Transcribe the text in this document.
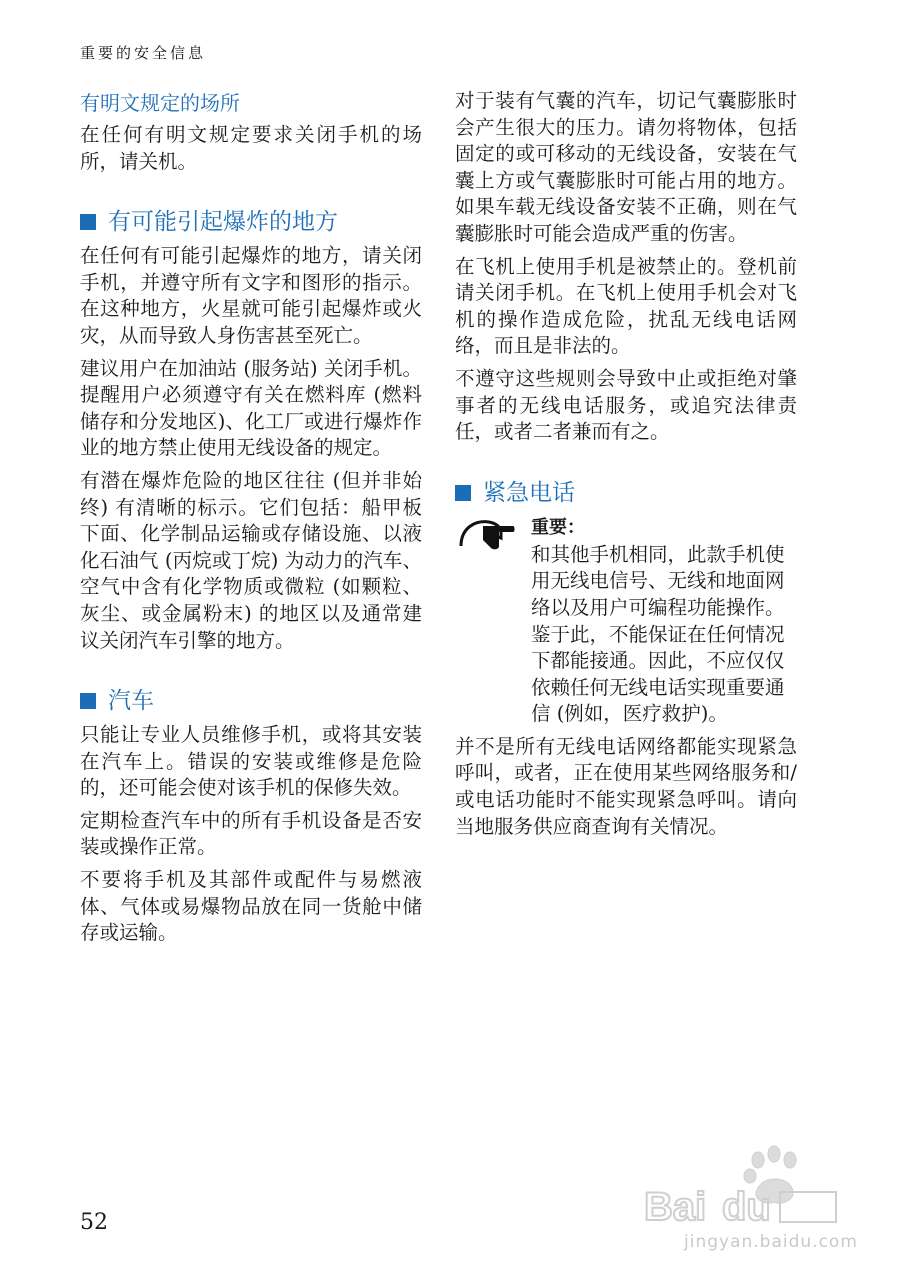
重要的安全信息
有明文规定的场所

在任何有明文规定要求关闭手机的场所，请关机。

有可能引起爆炸的地方

在任何有可能引起爆炸的地方，请关闭手机，并遵守所有文字和图形的指示。在这种地方，火星就可能引起爆炸或火灾，从而导致人身伤害甚至死亡。

建议用户在加油站 (服务站) 关闭手机。提醒用户必须遵守有关在燃料库 (燃料储存和分发地区)、化工厂或进行爆炸作业的地方禁止使用无线设备的规定。

有潜在爆炸危险的地区往往 (但并非始终) 有清晰的标示。它们包括：船甲板下面、化学制品运输或存储设施、以液化石油气 (丙烷或丁烷) 为动力的汽车、空气中含有化学物质或微粒 (如颗粒、灰尘、或金属粉末) 的地区以及通常建议关闭汽车引擎的地方。

汽车

只能让专业人员维修手机，或将其安装在汽车上。错误的安装或维修是危险的，还可能会使对该手机的保修失效。

定期检查汽车中的所有手机设备是否安装或操作正常。

不要将手机及其部件或配件与易燃液体、气体或易爆物品放在同一货舱中储存或运输。

对于装有气囊的汽车，切记气囊膨胀时会产生很大的压力。请勿将物体，包括固定的或可移动的无线设备，安装在气囊上方或气囊膨胀时可能占用的地方。如果车载无线设备安装不正确，则在气囊膨胀时可能会造成严重的伤害。

在飞机上使用手机是被禁止的。登机前请关闭手机。在飞机上使用手机会对飞机的操作造成危险，扰乱无线电话网络，而且是非法的。

不遵守这些规则会导致中止或拒绝对肇事者的无线电话服务，或追究法律责任，或者二者兼而有之。

紧急电话

重要：

和其他手机相同，此款手机使用无线电信号、无线和地面网络以及用户可编程功能操作。鉴于此，不能保证在任何情况下都能接通。因此，不应仅仅依赖任何无线电话实现重要通信 (例如，医疗救护)。

并不是所有无线电话网络都能实现紧急呼叫，或者，正在使用某些网络服务和/或电话功能时不能实现紧急呼叫。请向当地服务供应商查询有关情况。

52	Bai du
jingyan.baidu.com
